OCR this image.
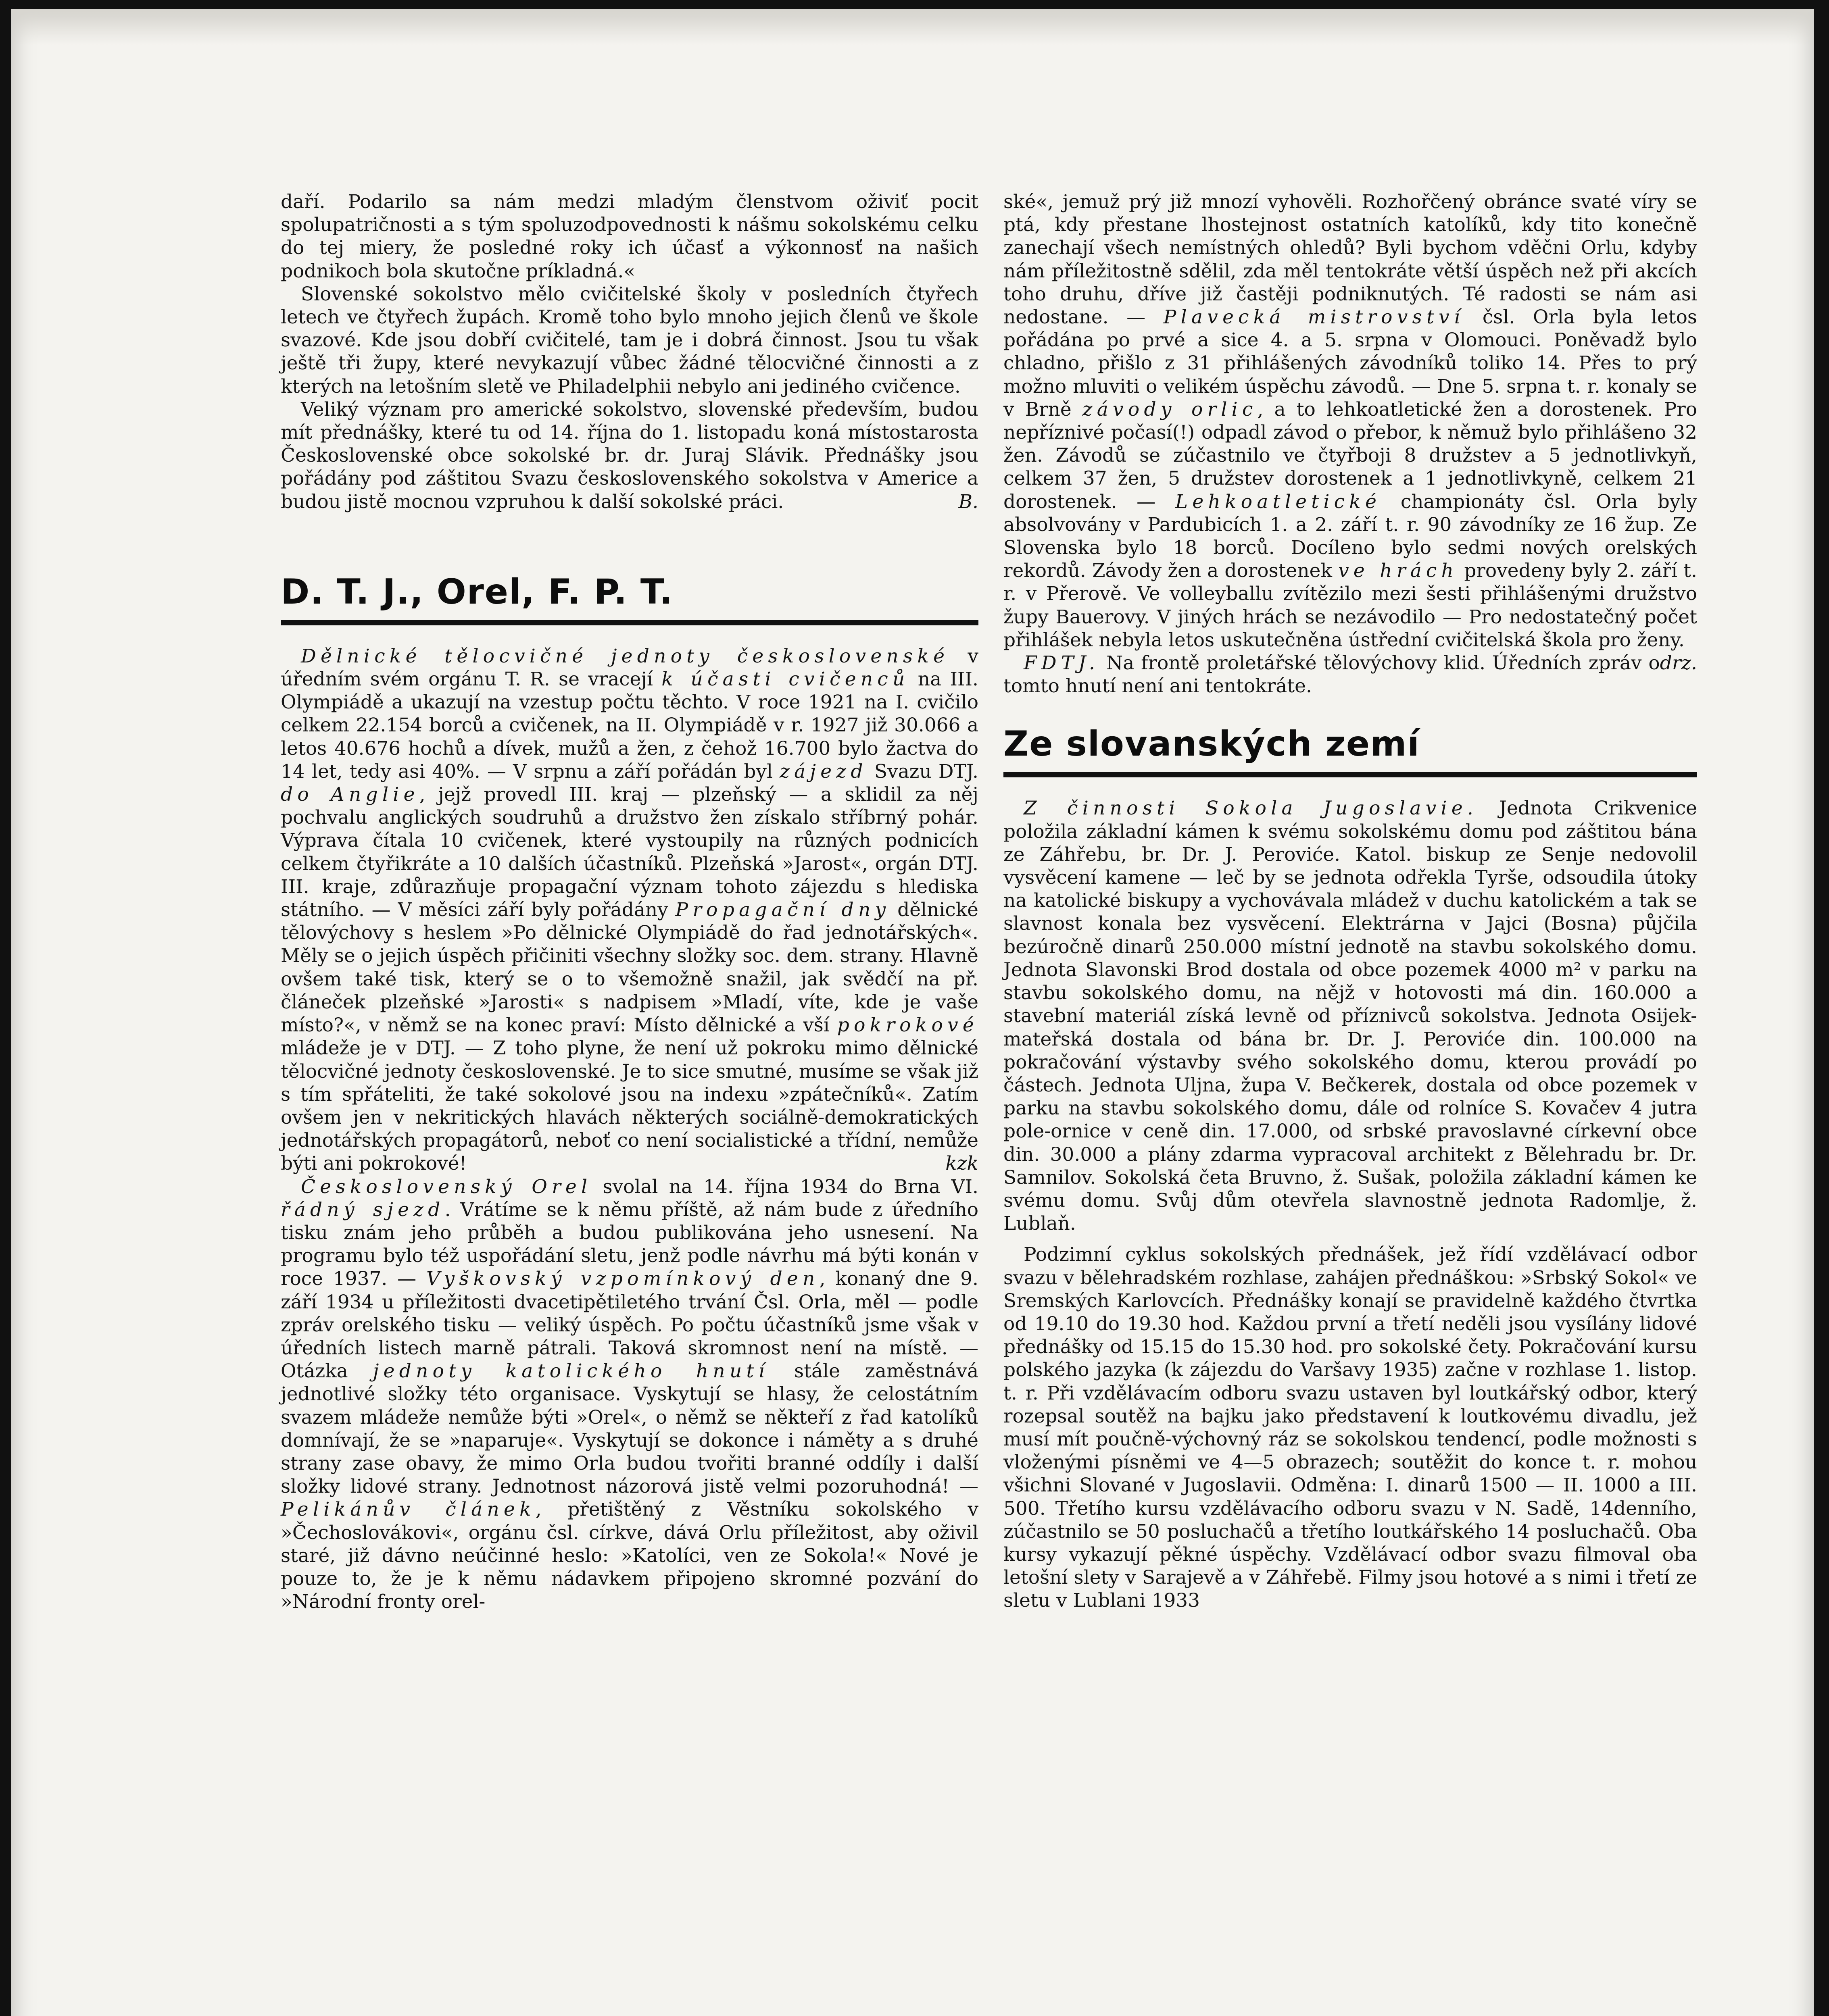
daří. Podarilo sa nám medzi mladým členstvom oživiť pocit spolupatričnosti a s tým spoluzodpovednosti k nášmu sokolskému celku do tej miery, že posledné roky ich účasť a výkonnosť na našich podnikoch bola skutočne príkladná.«

Slovenské sokolstvo mělo cvičitelské školy v posledních čtyřech letech ve čtyřech župách. Kromě toho bylo mnoho jejich členů ve škole svazové. Kde jsou dobří cvičitelé, tam je i dobrá činnost. Jsou tu však ještě tři župy, které nevykazují vůbec žádné tělocvičné činnosti a z kterých na letošním sletě ve Philadelphii nebylo ani jediného cvičence.

Veliký význam pro americké sokolstvo, slovenské především, budou mít přednášky, které tu od 14. října do 1. listopadu koná místostarosta Československé obce sokolské br. dr. Juraj Slávik. Přednášky jsou pořádány pod záštitou Svazu československého sokolstva v Americe a budou jistě mocnou vzpruhou k další sokolské práci.	B.

D. T. J., Orel, F. P. T.

Dělnické tělocvičné jednoty československé v úředním svém orgánu T. R. se vracejí k účasti cvičenců na III. Olympiádě a ukazují na vzestup počtu těchto. V roce 1921 na I. cvičilo celkem 22.154 borců a cvičenek, na II. Olympiádě v r. 1927 již 30.066 a letos 40.676 hochů a dívek, mužů a žen, z čehož 16.700 bylo žactva do 14 let, tedy asi 40%. — V srpnu a září pořádán byl zájezd Svazu DTJ. do Anglie, jejž provedl III. kraj — plzeňský — a sklidil za něj pochvalu anglických soudruhů a družstvo žen získalo stříbrný pohár. Výprava čítala 10 cvičenek, které vystoupily na různých podnicích celkem čtyřikráte a 10 dalších účastníků. Plzeňská »Jarost«, orgán DTJ. III. kraje, zdůrazňuje propagační význam tohoto zájezdu s hlediska státního. — V měsíci září byly pořádány Propagační dny dělnické tělovýchovy s heslem »Po dělnické Olympiádě do řad jednotářských«. Měly se o jejich úspěch přičiniti všechny složky soc. dem. strany. Hlavně ovšem také tisk, který se o to všemožně snažil, jak svědčí na př. článeček plzeňské »Jarosti« s nadpisem »Mladí, víte, kde je vaše místo?«, v němž se na konec praví: Místo dělnické a vší pokrokové mládeže je v DTJ. — Z toho plyne, že není už pokroku mimo dělnické tělocvičné jednoty československé. Je to sice smutné, musíme se však již s tím spřáteliti, že také sokolové jsou na indexu »zpátečníků«. Zatím ovšem jen v nekritických hlavách některých sociálně-demokratických jednotářských propagátorů, neboť co není socialistické a třídní, nemůže býti ani pokrokové!	kzk

Československý Orel svolal na 14. října 1934 do Brna VI. řádný sjezd. Vrátíme se k němu příště, až nám bude z úředního tisku znám jeho průběh a budou publikována jeho usnesení. Na programu bylo též uspořádání sletu, jenž podle návrhu má býti konán v roce 1937. — Vyškovský vzpomínkový den, konaný dne 9. září 1934 u příležitosti dvacetipětiletého trvání Čsl. Orla, měl — podle zpráv orelského tisku — veliký úspěch. Po počtu účastníků jsme však v úředních listech marně pátrali. Taková skromnost není na místě. — Otázka jednoty katolického hnutí stále zaměstnává jednotlivé složky této organisace. Vyskytují se hlasy, že celostátním svazem mládeže nemůže býti »Orel«, o němž se někteří z řad katolíků domnívají, že se »naparuje«. Vyskytují se dokonce i náměty a s druhé strany zase obavy, že mimo Orla budou tvořiti branné oddíly i další složky lidové strany. Jednotnost názorová jistě velmi pozoruhodná! — Pelikánův článek, přetištěný z Věstníku sokolského v »Čechoslovákovi«, orgánu čsl. církve, dává Orlu příležitost, aby oživil staré, již dávno neúčinné heslo: »Katolíci, ven ze Sokola!« Nové je pouze to, že je k němu nádavkem připojeno skromné pozvání do »Národní fronty orel-

ské«, jemuž prý již mnozí vyhověli. Rozhořčený obránce svaté víry se ptá, kdy přestane lhostejnost ostatních katolíků, kdy tito konečně zanechají všech nemístných ohledů? Byli bychom vděčni Orlu, kdyby nám příležitostně sdělil, zda měl tentokráte větší úspěch než při akcích toho druhu, dříve již častěji podniknutých. Té radosti se nám asi nedostane. — Plavecká mistrovství čsl. Orla byla letos pořádána po prvé a sice 4. a 5. srpna v Olomouci. Poněvadž bylo chladno, přišlo z 31 přihlášených závodníků toliko 14. Přes to prý možno mluviti o velikém úspěchu závodů. — Dne 5. srpna t. r. konaly se v Brně závody orlic, a to lehkoatletické žen a dorostenek. Pro nepříznivé počasí(!) odpadl závod o přebor, k němuž bylo přihlášeno 32 žen. Závodů se zúčastnilo ve čtyřboji 8 družstev a 5 jednotlivkyň, celkem 37 žen, 5 družstev dorostenek a 1 jednotlivkyně, celkem 21 dorostenek. — Lehkoatletické championáty čsl. Orla byly absolvovány v Pardubicích 1. a 2. září t. r. 90 závodníky ze 16 žup. Ze Slovenska bylo 18 borců. Docíleno bylo sedmi nových orelských rekordů. Závody žen a dorostenek ve hrách provedeny byly 2. září t. r. v Přerově. Ve volleyballu zvítězilo mezi šesti přihlášenými družstvo župy Bauerovy. V jiných hrách se nezávodilo — Pro nedostatečný počet přihlášek nebyla letos uskutečněna ústřední cvičitelská škola pro ženy.
drz.

FDTJ. Na frontě proletářské tělovýchovy klid. Úředních zpráv o tomto hnutí není ani tentokráte.

Ze slovanských zemí

Z činnosti Sokola Jugoslavie. Jednota Crikvenice položila základní kámen k svému sokolskému domu pod záštitou bána ze Záhřebu, br. Dr. J. Peroviće. Katol. biskup ze Senje nedovolil vysvěcení kamene — leč by se jednota odřekla Tyrše, odsoudila útoky na katolické biskupy a vychovávala mládež v duchu katolickém a tak se slavnost konala bez vysvěcení. Elektrárna v Jajci (Bosna) půjčila bezúročně dinarů 250.000 místní jednotě na stavbu sokolského domu. Jednota Slavonski Brod dostala od obce pozemek 4000 m² v parku na stavbu sokolského domu, na nějž v hotovosti má din. 160.000 a stavební materiál získá levně od příznivců sokolstva. Jednota Osijek-mateřská dostala od bána br. Dr. J. Peroviće din. 100.000 na pokračování výstavby svého sokolského domu, kterou provádí po částech. Jednota Uljna, župa V. Bečkerek, dostala od obce pozemek v parku na stavbu sokolského domu, dále od rolníce S. Kovačev 4 jutra pole-ornice v ceně din. 17.000, od srbské pravoslavné církevní obce din. 30.000 a plány zdarma vypracoval architekt z Bělehradu br. Dr. Samnilov. Sokolská četa Bruvno, ž. Sušak, položila základní kámen ke svému domu. Svůj dům otevřela slavnostně jednota Radomlje, ž. Lublaň.

Podzimní cyklus sokolských přednášek, jež řídí vzdělávací odbor svazu v bělehradském rozhlase, zahájen přednáškou: »Srbský Sokol« ve Sremských Karlovcích. Přednášky konají se pravidelně každého čtvrtka od 19.10 do 19.30 hod. Každou první a třetí neděli jsou vysílány lidové přednášky od 15.15 do 15.30 hod. pro sokolské čety. Pokračování kursu polského jazyka (k zájezdu do Varšavy 1935) začne v rozhlase 1. listop. t. r. Při vzdělávacím odboru svazu ustaven byl loutkářský odbor, který rozepsal soutěž na bajku jako představení k loutkovému divadlu, jež musí mít poučně-výchovný ráz se sokolskou tendencí, podle možnosti s vloženými písněmi ve 4—5 obrazech; soutěžit do konce t. r. mohou všichni Slované v Jugoslavii. Odměna: I. dinarů 1500 — II. 1000 a III. 500. Třetího kursu vzdělávacího odboru svazu v N. Sadě, 14denního, zúčastnilo se 50 posluchačů a třetího loutkářského 14 posluchačů. Oba kursy vykazují pěkné úspěchy. Vzdělávací odbor svazu filmoval oba letošní slety v Sarajevě a v Záhřebě. Filmy jsou hotové a s nimi i třetí ze sletu v Lublani 1933
